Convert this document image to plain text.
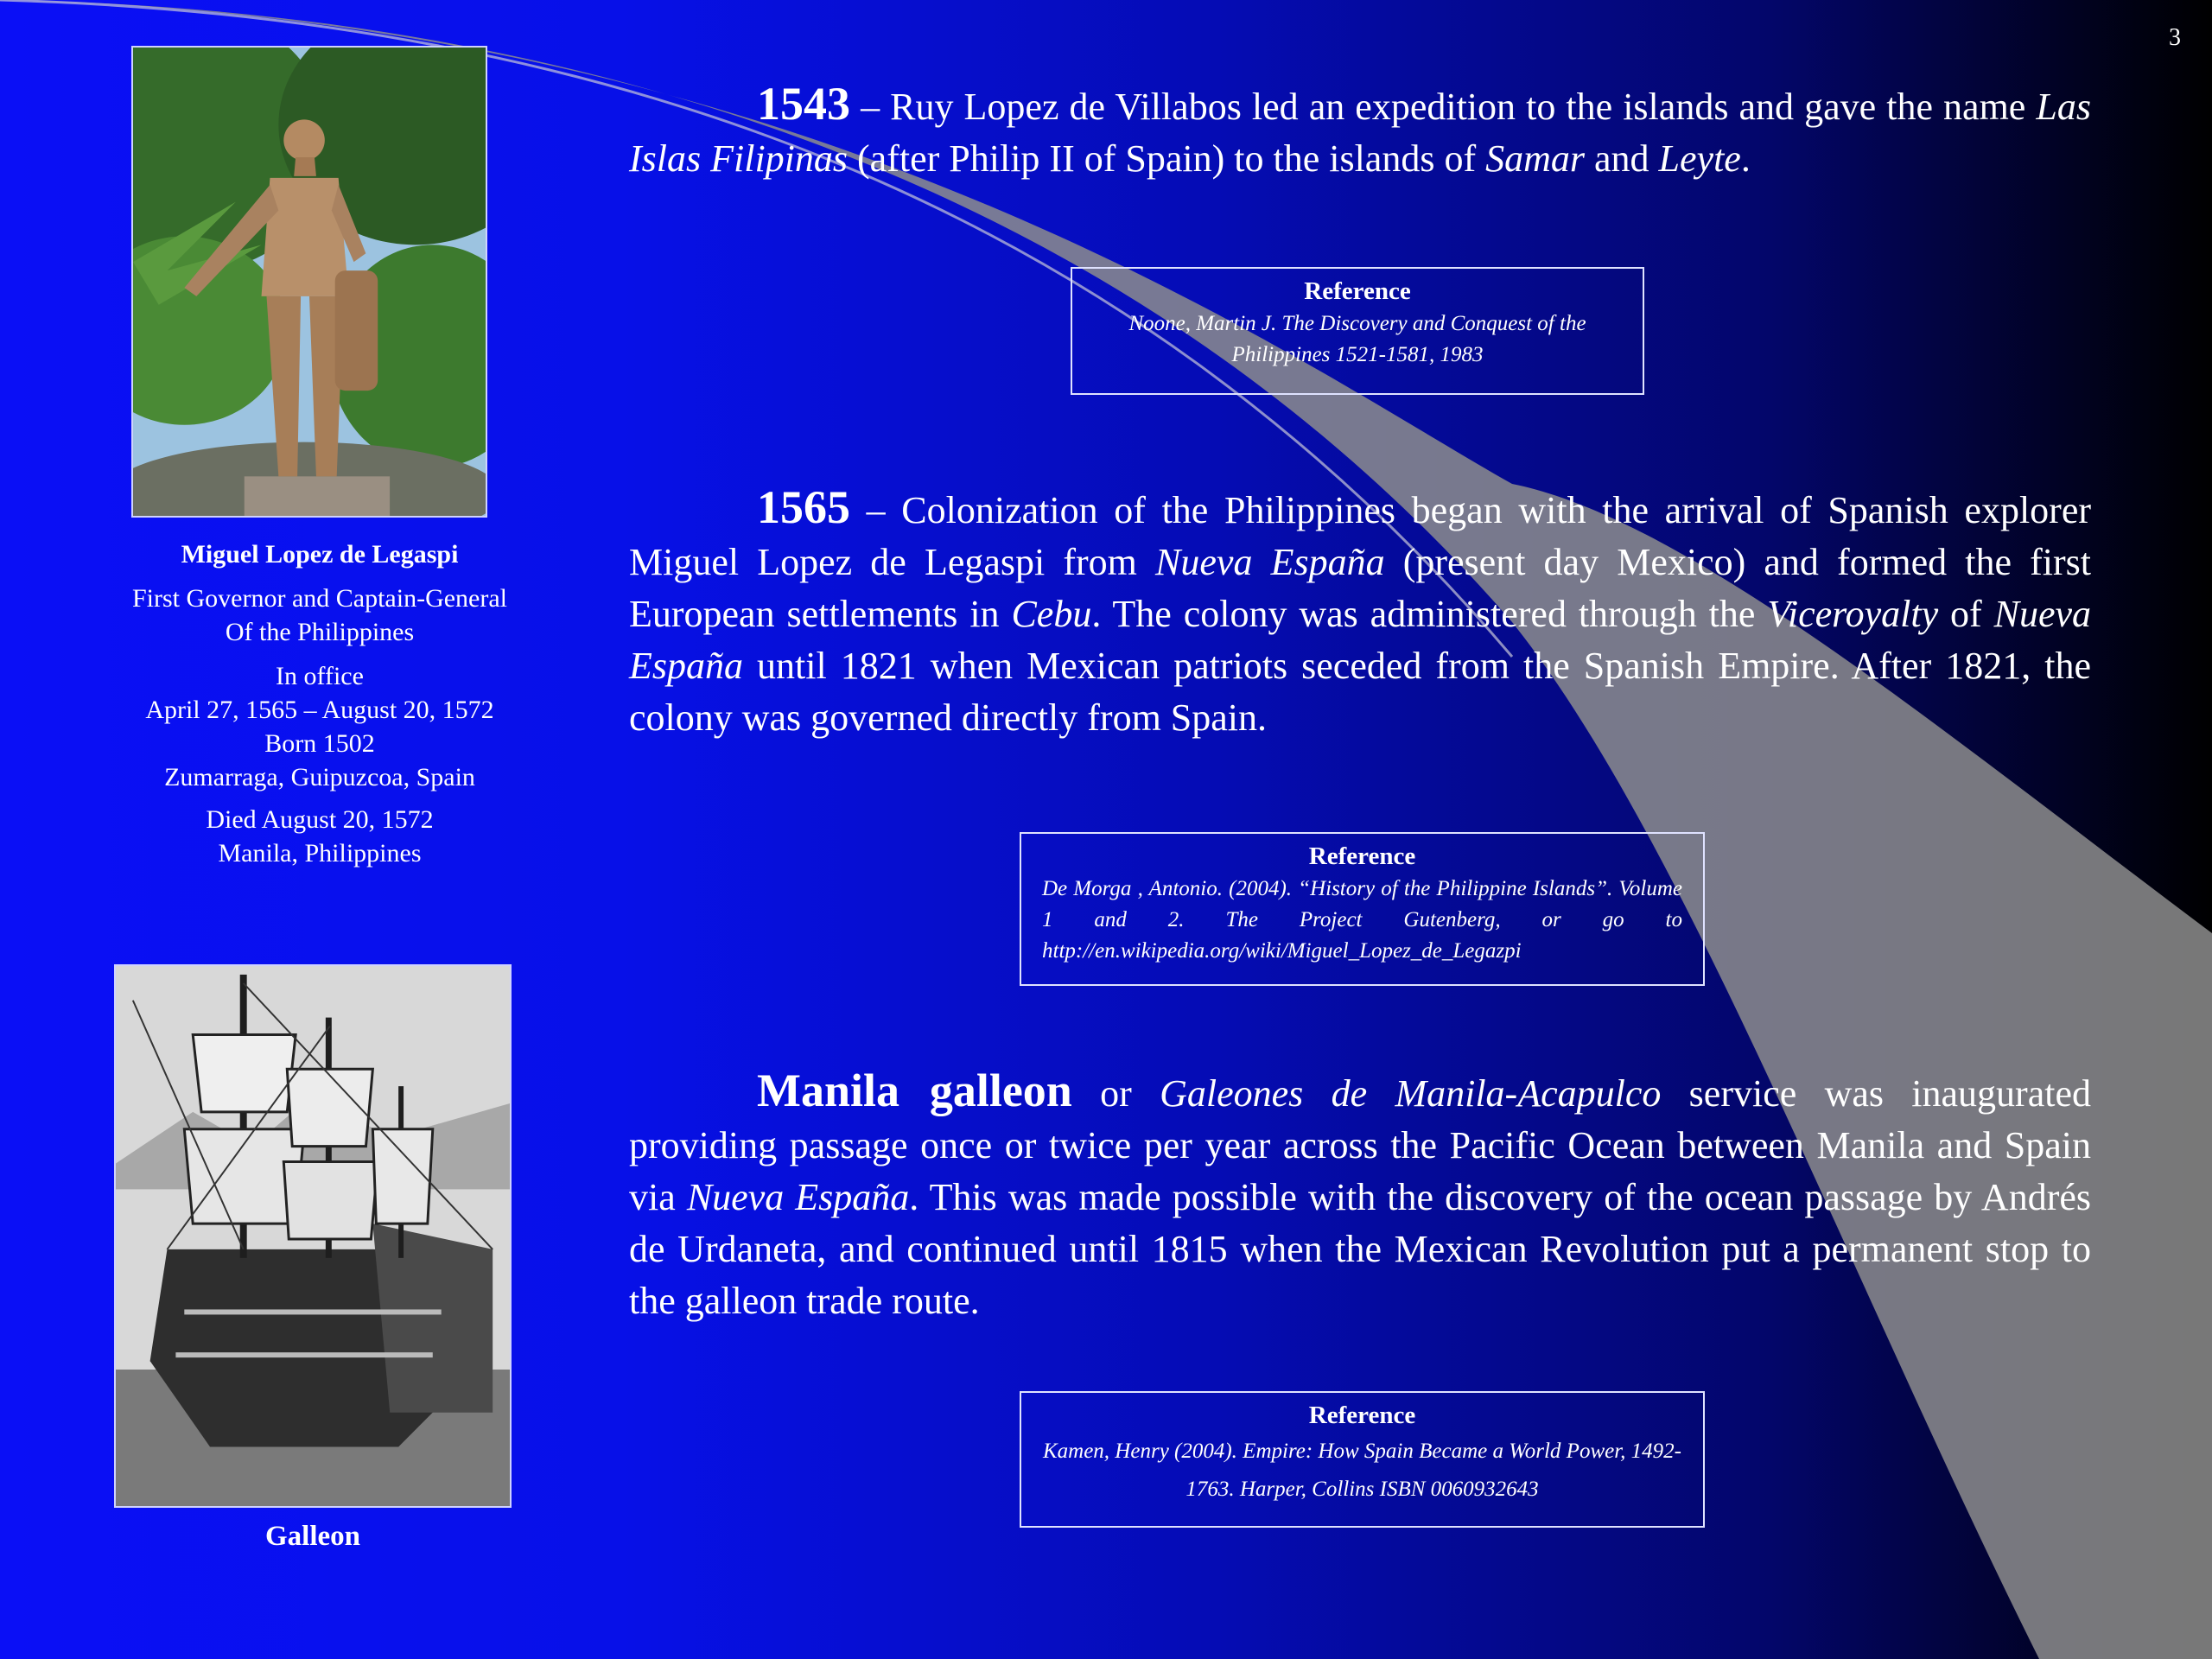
3
Miguel Lopez de Legaspi
First Governor and Captain-General
Of the Philippines
In office
April 27, 1565 – August 20, 1572
Born 1502
Zumarraga, Guipuzcoa, Spain
Died August 20, 1572
Manila, Philippines
Galleon
1543 – Ruy Lopez de Villabos led an expedition to the islands and gave the name Las Islas Filipinas (after Philip II of Spain) to the islands of Samar and Leyte.
Reference
Noone, Martin J. The Discovery and Conquest of the Philippines 1521-1581, 1983
1565 – Colonization of the Philippines began with the arrival of Spanish explorer Miguel Lopez de Legaspi from Nueva España (present day Mexico) and formed the first European settlements in Cebu. The colony was administered through the Viceroyalty of Nueva España until 1821 when Mexican patriots seceded from the Spanish Empire. After 1821, the colony was governed directly from Spain.
Reference
De Morga , Antonio. (2004). “History of the Philippine Islands”. Volume 1 and 2. The Project Gutenberg, or go to http://en.wikipedia.org/wiki/Miguel_Lopez_de_Legazpi
Manila galleon or Galeones de Manila-Acapulco service was inaugurated providing passage once or twice per year across the Pacific Ocean between Manila and Spain via Nueva España. This was made possible with the discovery of the ocean passage by Andrés de Urdaneta, and continued until 1815 when the Mexican Revolution put a permanent stop to the galleon trade route.
Reference
Kamen, Henry (2004). Empire: How Spain Became a World Power, 1492-1763. Harper, Collins ISBN 0060932643
